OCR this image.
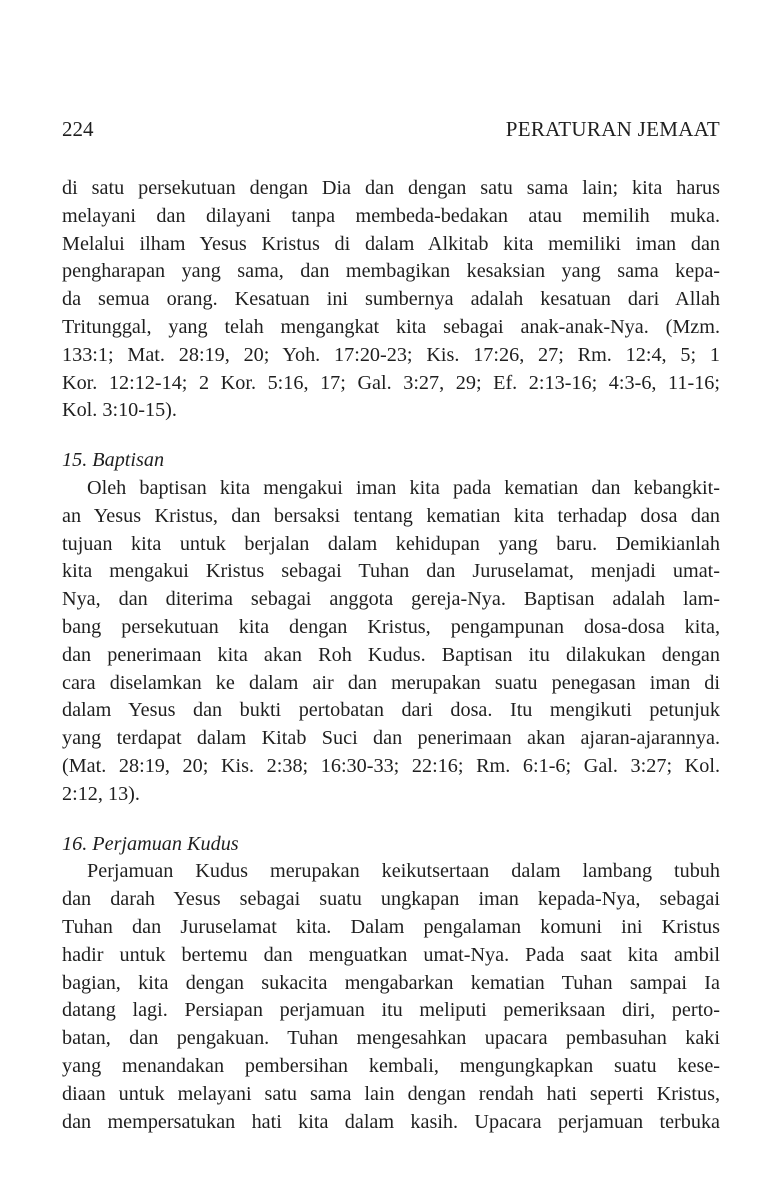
224	PERATURAN JEMAAT
di satu persekutuan dengan Dia dan dengan satu sama lain; kita harus
melayani dan dilayani tanpa membeda-bedakan atau memilih muka.
Melalui ilham Yesus Kristus di dalam Alkitab kita memiliki iman dan
pengharapan yang sama, dan membagikan kesaksian yang sama kepa-
da semua orang. Kesatuan ini sumbernya adalah kesatuan dari Allah
Tritunggal, yang telah mengangkat kita sebagai anak-anak-Nya. (Mzm.
133:1; Mat. 28:19, 20; Yoh. 17:20-23; Kis. 17:26, 27; Rm. 12:4, 5; 1
Kor. 12:12-14; 2 Kor. 5:16, 17; Gal. 3:27, 29; Ef. 2:13-16; 4:3-6, 11-16;
Kol. 3:10-15).
15. Baptisan
Oleh baptisan kita mengakui iman kita pada kematian dan kebangkit-
an Yesus Kristus, dan bersaksi tentang kematian kita terhadap dosa dan
tujuan kita untuk berjalan dalam kehidupan yang baru. Demikianlah
kita mengakui Kristus sebagai Tuhan dan Juruselamat, menjadi umat-
Nya, dan diterima sebagai anggota gereja-Nya. Baptisan adalah lam-
bang persekutuan kita dengan Kristus, pengampunan dosa-dosa kita,
dan penerimaan kita akan Roh Kudus. Baptisan itu dilakukan dengan
cara diselamkan ke dalam air dan merupakan suatu penegasan iman di
dalam Yesus dan bukti pertobatan dari dosa. Itu mengikuti petunjuk
yang terdapat dalam Kitab Suci dan penerimaan akan ajaran-ajarannya.
(Mat. 28:19, 20; Kis. 2:38; 16:30-33; 22:16; Rm. 6:1-6; Gal. 3:27; Kol.
2:12, 13).
16. Perjamuan Kudus
Perjamuan Kudus merupakan keikutsertaan dalam lambang tubuh
dan darah Yesus sebagai suatu ungkapan iman kepada-Nya, sebagai
Tuhan dan Juruselamat kita. Dalam pengalaman komuni ini Kristus
hadir untuk bertemu dan menguatkan umat-Nya. Pada saat kita ambil
bagian, kita dengan sukacita mengabarkan kematian Tuhan sampai Ia
datang lagi. Persiapan perjamuan itu meliputi pemeriksaan diri, perto-
batan, dan pengakuan. Tuhan mengesahkan upacara pembasuhan kaki
yang menandakan pembersihan kembali, mengungkapkan suatu kese-
diaan untuk melayani satu sama lain dengan rendah hati seperti Kristus,
dan mempersatukan hati kita dalam kasih. Upacara perjamuan terbuka
